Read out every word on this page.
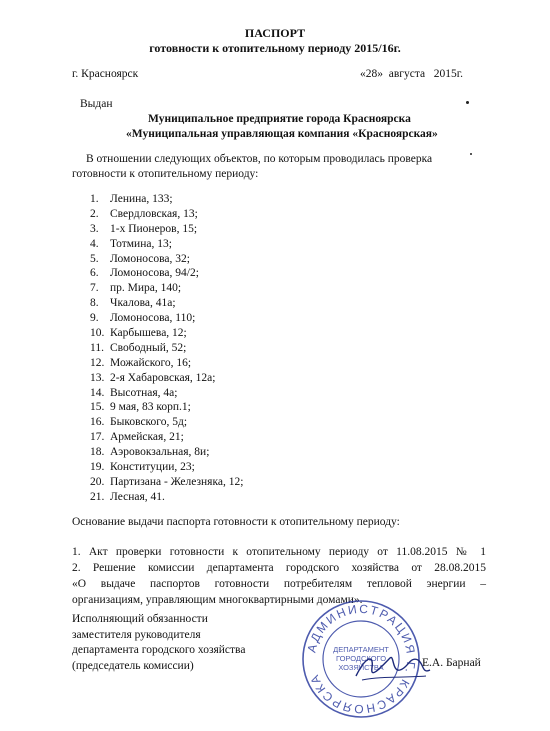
ПАСПОРТ
готовности к отопительному периоду 2015/16г.
г. Красноярск	«28»  августа   2015г.
Выдан
Муниципальное предприятие города Красноярска
«Муниципальная управляющая компания «Красноярская»
В отношении следующих объектов, по которым проводилась проверка
готовности к отопительному периоду:
1. Ленина, 133;
2. Свердловская, 13;
3. 1-х Пионеров, 15;
4. Тотмина, 13;
5. Ломоносова, 32;
6. Ломоносова, 94/2;
7. пр. Мира, 140;
8. Чкалова, 41а;
9. Ломоносова, 110;
10. Карбышева, 12;
11. Свободный, 52;
12. Можайского, 16;
13. 2-я Хабаровская, 12а;
14. Высотная, 4а;
15. 9 мая, 83 корп.1;
16. Быковского, 5д;
17. Армейская, 21;
18. Аэровокзальная, 8и;
19. Конституции, 23;
20. Партизана - Железняка, 12;
21. Лесная, 41.
Основание выдачи паспорта готовности к отопительному периоду:
1. Акт проверки готовности к отопительному периоду от 11.08.2015 № 1
2. Решение комиссии департамента городского хозяйства от 28.08.2015
«О выдаче паспортов готовности потребителям тепловой энергии –
организациям, управляющим многоквартирными домами».
Исполняющий обязанности
заместителя руководителя
департамента городского хозяйства
(председатель комиссии)
АДМИНИСТРАЦИЯ Г. КРАСНОЯРСКА
ДЕПАРТАМЕНТ
ГОРОДСКОГО
ХОЗЯЙСТВА	Е.А. Барнай
